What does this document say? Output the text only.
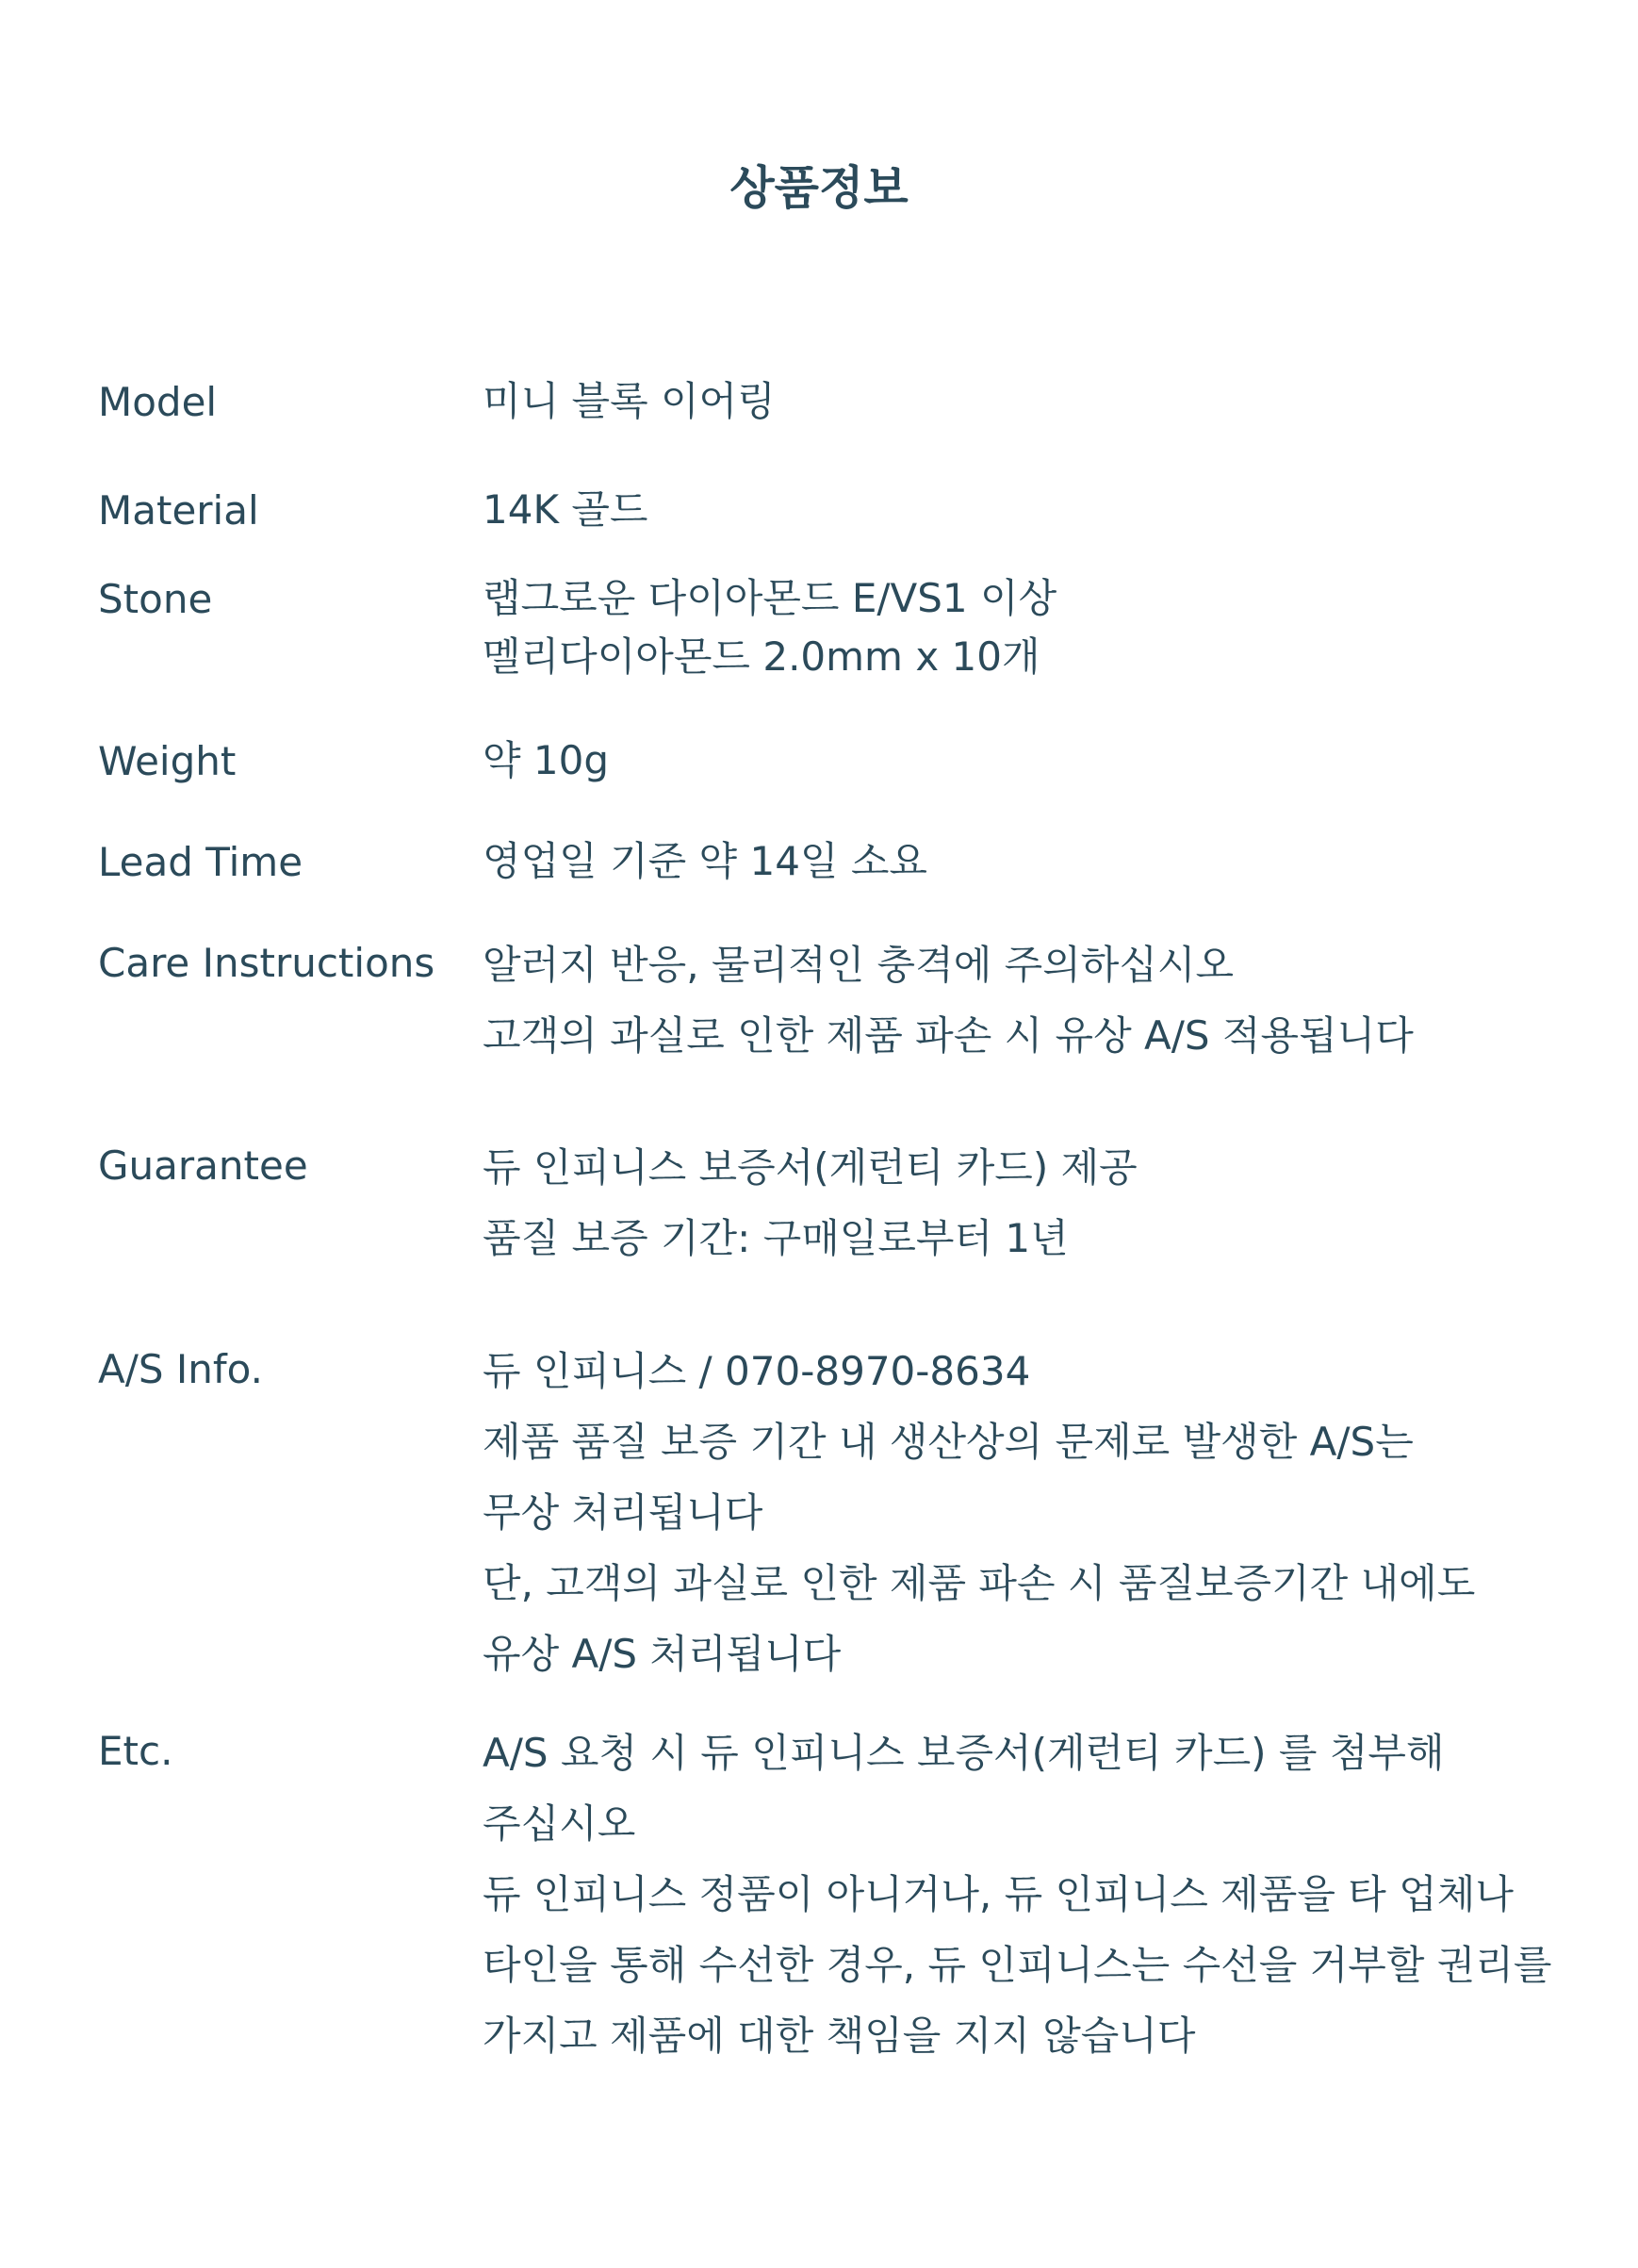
상품정보
Model	미니 블록 이어링
Material	14K 골드
Stone	랩그로운 다이아몬드 E/VS1 이상
멜리다이아몬드 2.0mm x 10개
Weight	약 10g
Lead Time	영업일 기준 약 14일 소요
Care Instructions 알러지 반응, 물리적인 충격에 주의하십시오
고객의 과실로 인한 제품 파손 시 유상 A/S 적용됩니다
Guarantee	듀 인피니스 보증서(게런티 카드) 제공
품질 보증 기간: 구매일로부터 1년
A/S Info.	듀 인피니스 / 070-8970-8634
제품 품질 보증 기간 내 생산상의 문제로 발생한 A/S는
무상 처리됩니다
단, 고객의 과실로 인한 제품 파손 시 품질보증기간 내에도
유상 A/S 처리됩니다
Etc.	A/S 요청 시 듀 인피니스 보증서(게런티 카드) 를 첨부해
주십시오
듀 인피니스 정품이 아니거나, 듀 인피니스 제품을 타 업체나
타인을 통해 수선한 경우, 듀 인피니스는 수선을 거부할 권리를
가지고 제품에 대한 책임을 지지 않습니다
